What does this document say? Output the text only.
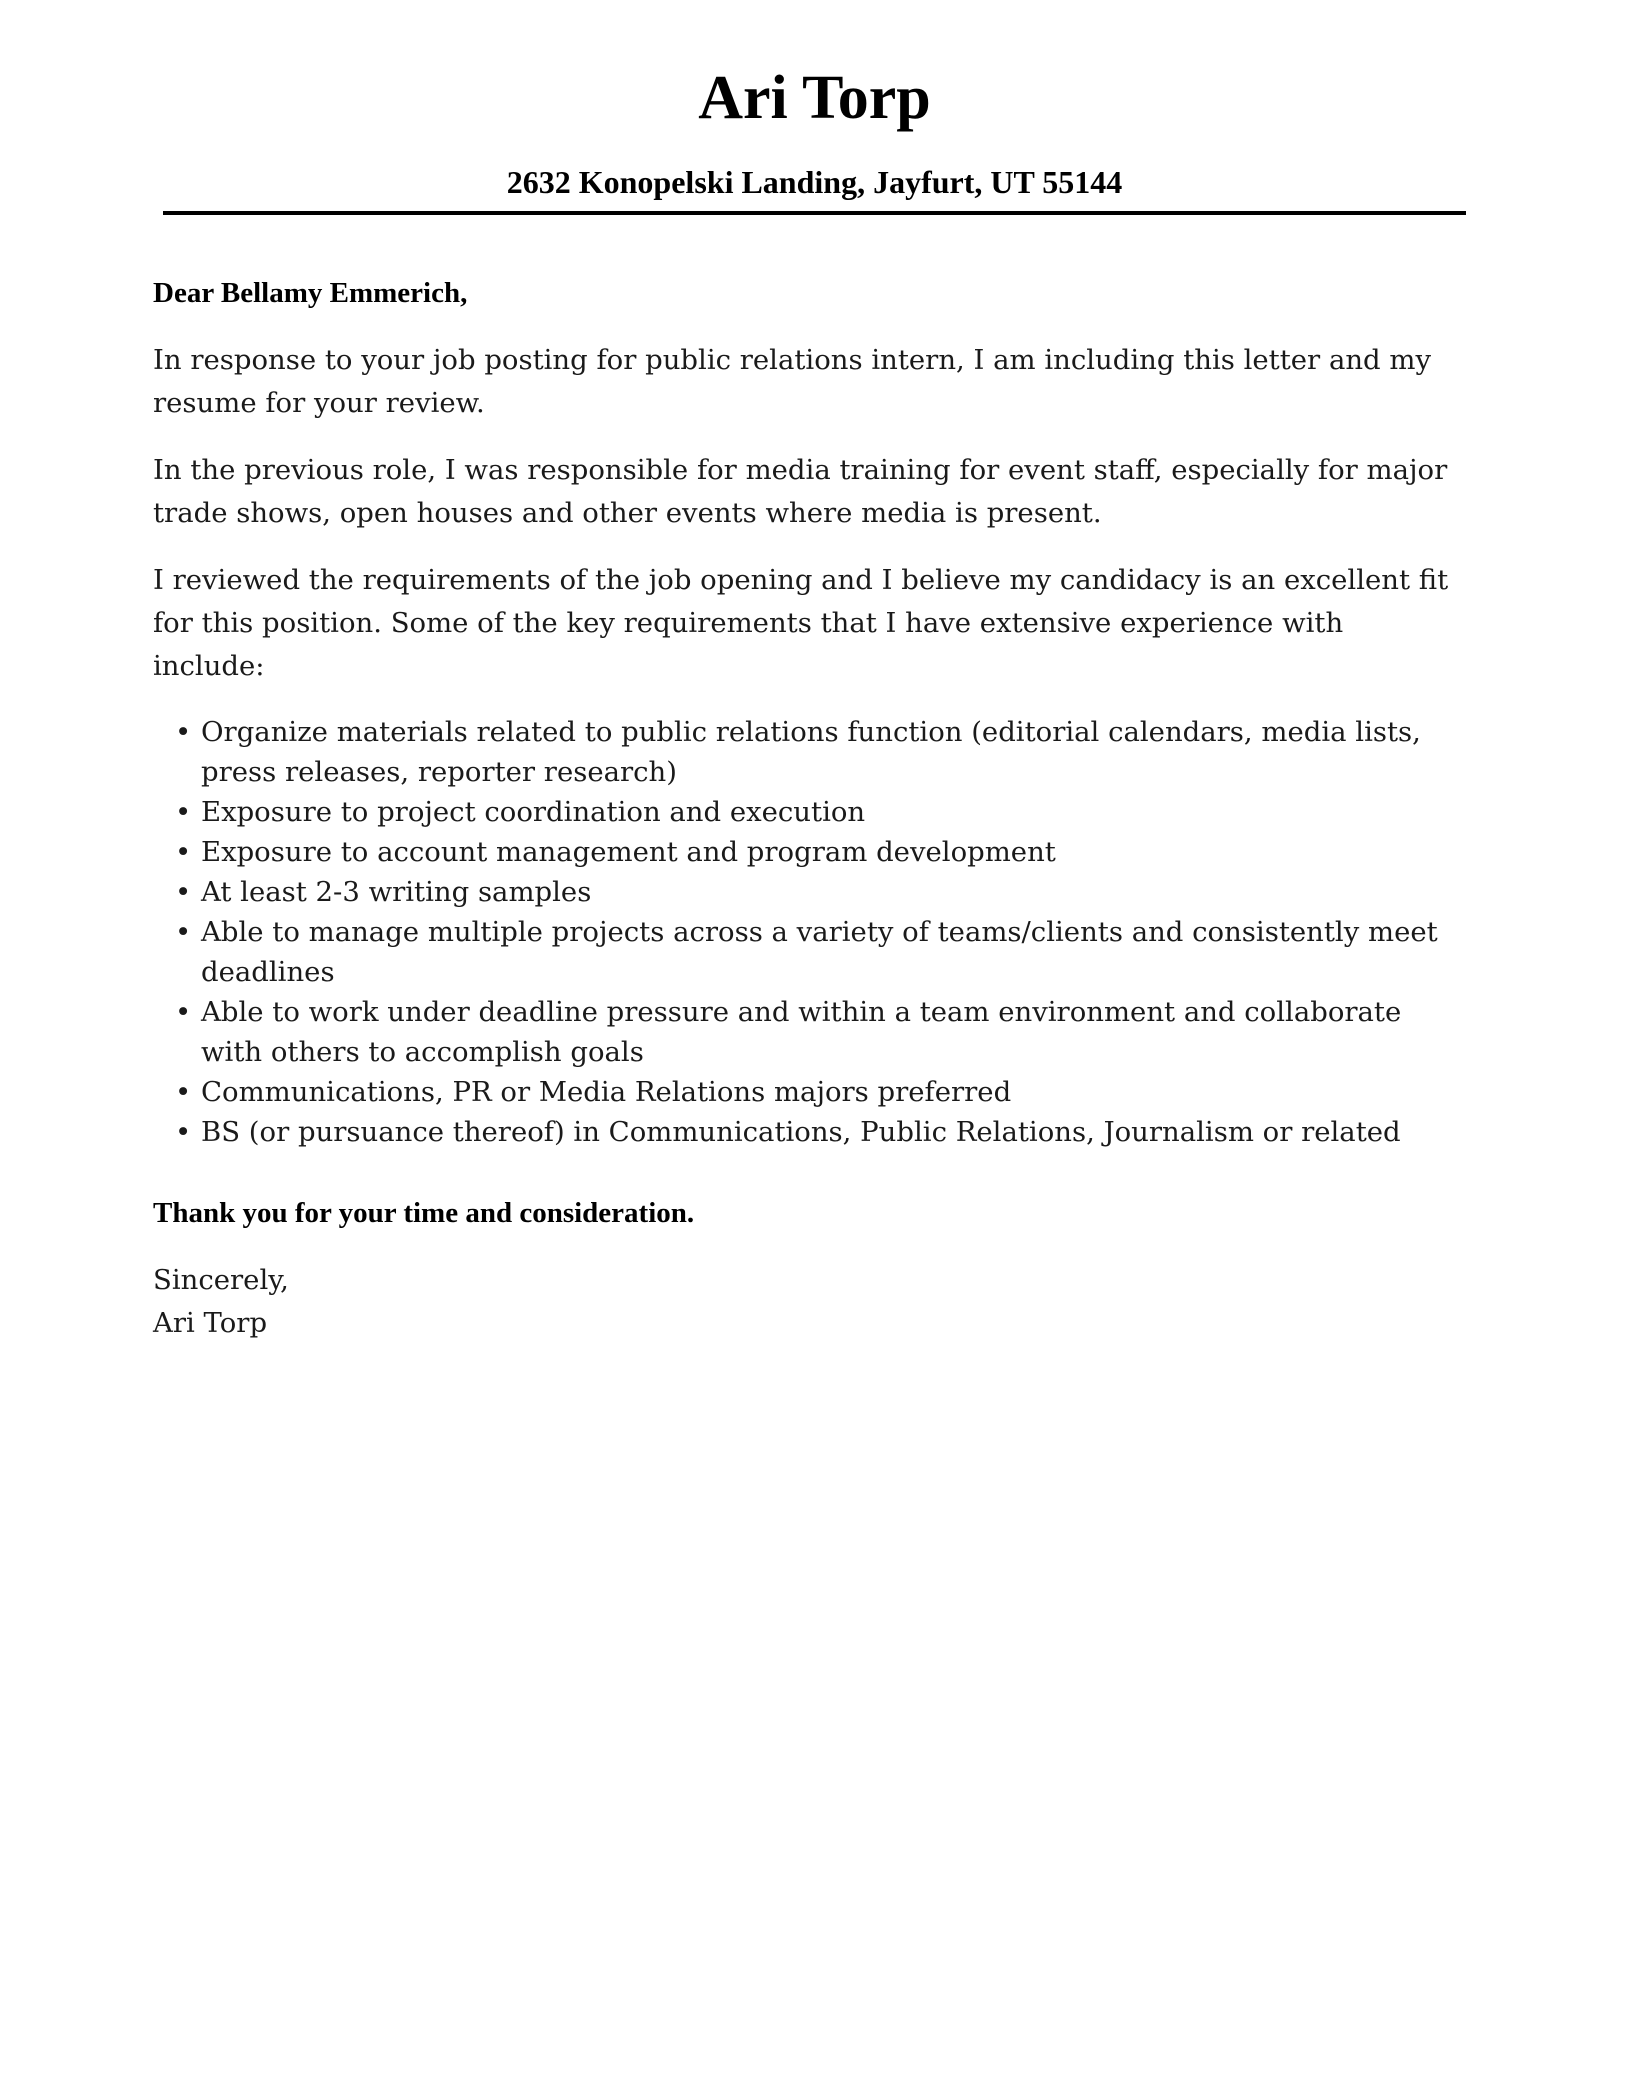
Ari Torp
2632 Konopelski Landing, Jayfurt, UT 55144

Dear Bellamy Emmerich,

In response to your job posting for public relations intern, I am including this letter and my resume for your review.

In the previous role, I was responsible for media training for event staff, especially for major trade shows, open houses and other events where media is present.

I reviewed the requirements of the job opening and I believe my candidacy is an excellent fit for this position. Some of the key requirements that I have extensive experience with include:

• Organize materials related to public relations function (editorial calendars, media lists, press releases, reporter research)
• Exposure to project coordination and execution
• Exposure to account management and program development
• At least 2-3 writing samples
• Able to manage multiple projects across a variety of teams/clients and consistently meet deadlines
• Able to work under deadline pressure and within a team environment and collaborate with others to accomplish goals
• Communications, PR or Media Relations majors preferred
• BS (or pursuance thereof) in Communications, Public Relations, Journalism or related

Thank you for your time and consideration.

Sincerely,

Ari Torp
